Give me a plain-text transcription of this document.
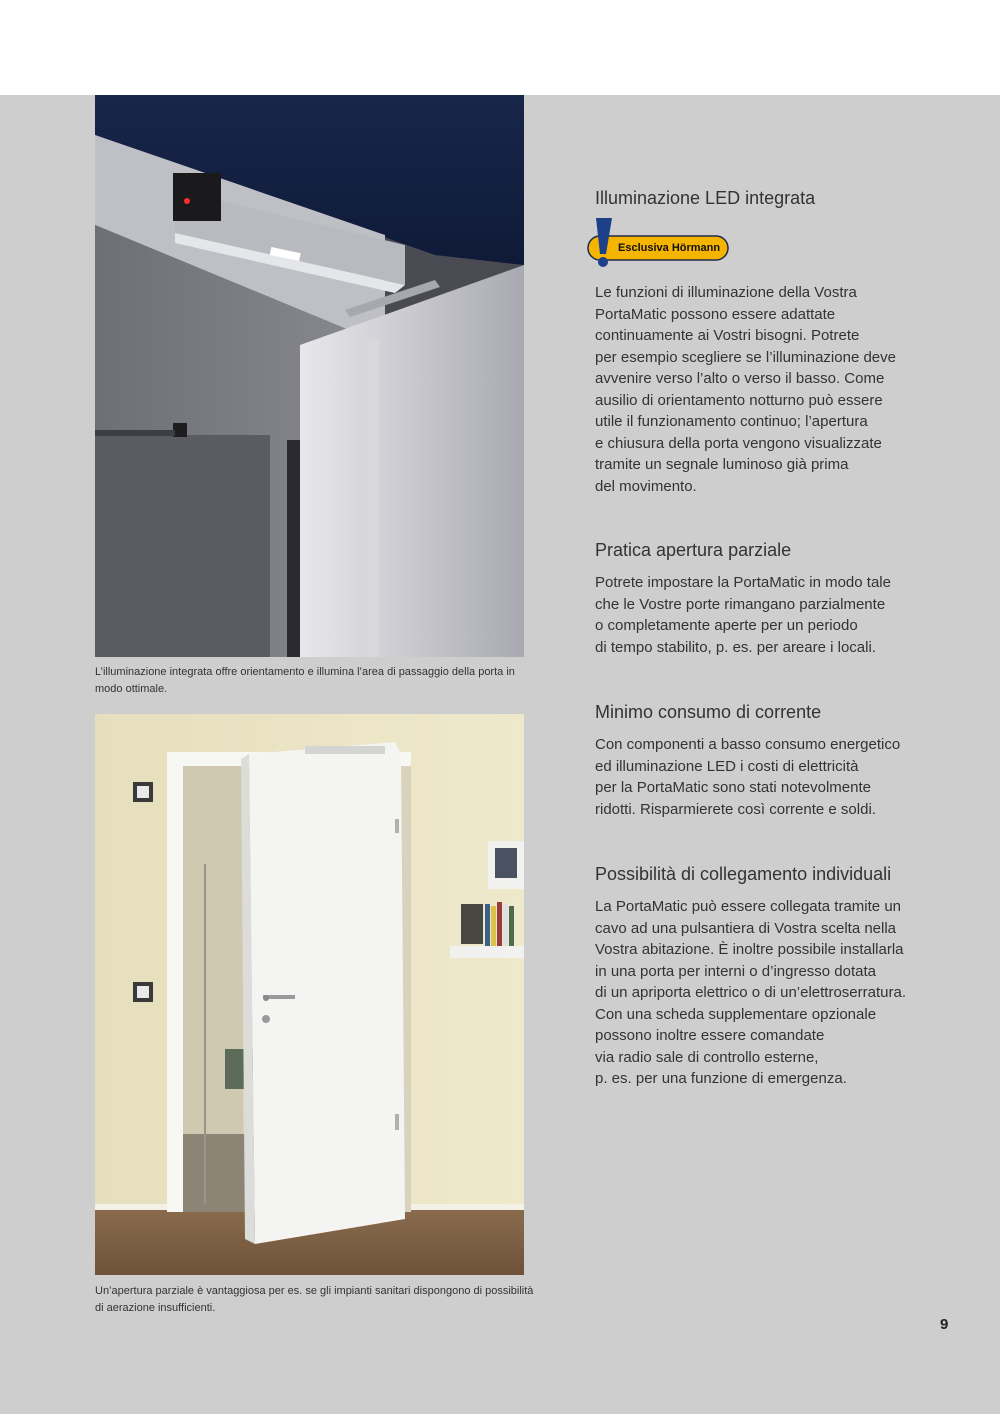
L’illuminazione integrata offre orientamento e illumina l’area di passaggio della porta in modo ottimale.
Un’apertura parziale è vantaggiosa per es. se gli impianti sanitari dispongono di possibilità di aerazione insufficienti.
Illuminazione LED integrata
Esclusiva Hörmann
Le funzioni di illuminazione della Vostra
PortaMatic possono essere adattate
continuamente ai Vostri bisogni. Potrete
per esempio scegliere se l’illuminazione deve
avvenire verso l’alto o verso il basso. Come
ausilio di orientamento notturno può essere
utile il funzionamento continuo; l’apertura
e chiusura della porta vengono visualizzate
tramite un segnale luminoso già prima
del movimento.
Pratica apertura parziale
Potrete impostare la PortaMatic in modo tale
che le Vostre porte rimangano parzialmente
o completamente aperte per un periodo
di tempo stabilito, p. es. per areare i locali.
Minimo consumo di corrente
Con componenti a basso consumo energetico
ed illuminazione LED i costi di elettricità
per la PortaMatic sono stati notevolmente
ridotti. Risparmierete così corrente e soldi.
Possibilità di collegamento individuali
La PortaMatic può essere collegata tramite un
cavo ad una pulsantiera di Vostra scelta nella
Vostra abitazione. È inoltre possibile installarla
in una porta per interni o d’ingresso dotata
di un apriporta elettrico o di un’elettroserratura.
Con una scheda supplementare opzionale
possono inoltre essere comandate
via radio sale di controllo esterne,
p. es. per una funzione di emergenza.
9
